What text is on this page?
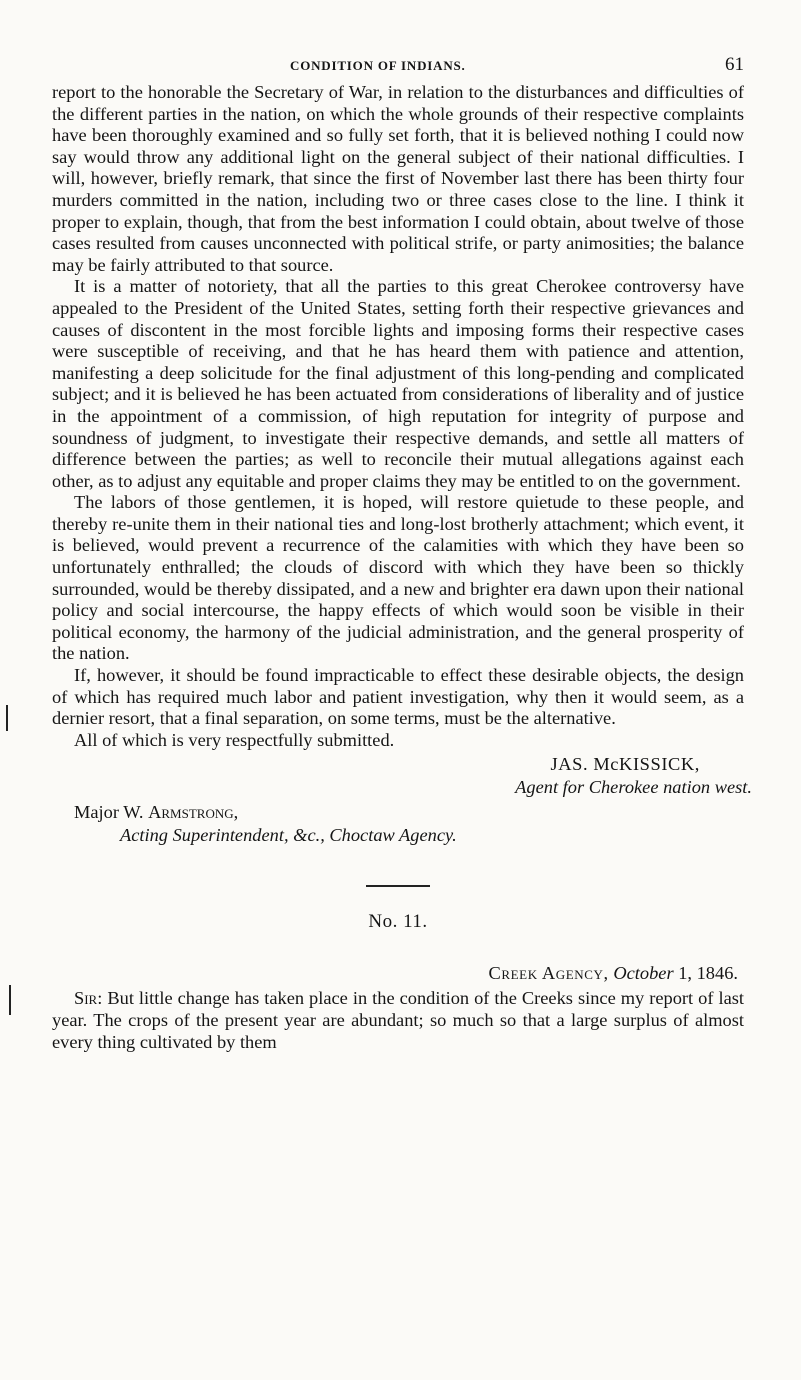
CONDITION OF INDIANS.	61

report to the honorable the Secretary of War, in relation to the disturbances and difficulties of the different parties in the nation, on which the whole grounds of their respective complaints have been thoroughly examined and so fully set forth, that it is believed nothing I could now say would throw any additional light on the general subject of their national difficulties. I will, however, briefly remark, that since the first of November last there has been thirty four murders committed in the nation, including two or three cases close to the line. I think it proper to explain, though, that from the best information I could obtain, about twelve of those cases resulted from causes unconnected with political strife, or party animosities; the balance may be fairly attributed to that source.

It is a matter of notoriety, that all the parties to this great Cherokee controversy have appealed to the President of the United States, setting forth their respective grievances and causes of discontent in the most forcible lights and imposing forms their respective cases were susceptible of receiving, and that he has heard them with patience and attention, manifesting a deep solicitude for the final adjustment of this long-pending and complicated subject; and it is believed he has been actuated from considerations of liberality and of justice in the appointment of a commission, of high reputation for integrity of purpose and soundness of judgment, to investigate their respective demands, and settle all matters of difference between the parties; as well to reconcile their mutual allegations against each other, as to adjust any equitable and proper claims they may be entitled to on the government.

The labors of those gentlemen, it is hoped, will restore quietude to these people, and thereby re-unite them in their national ties and long-lost brotherly attachment; which event, it is believed, would prevent a recurrence of the calamities with which they have been so unfortunately enthralled; the clouds of discord with which they have been so thickly surrounded, would be thereby dissipated, and a new and brighter era dawn upon their national policy and social intercourse, the happy effects of which would soon be visible in their political economy, the harmony of the judicial administration, and the general prosperity of the nation.

If, however, it should be found impracticable to effect these desirable objects, the design of which has required much labor and patient investigation, why then it would seem, as a dernier resort, that a final separation, on some terms, must be the alternative.

All of which is very respectfully submitted.

JAS. McKISSICK,
Agent for Cherokee nation west.
Major W. Armstrong,
Acting Superintendent, &c., Choctaw Agency.
No. 11.
Creek Agency, October 1, 1846.

Sir: But little change has taken place in the condition of the Creeks since my report of last year. The crops of the present year are abundant; so much so that a large surplus of almost every thing cultivated by them
